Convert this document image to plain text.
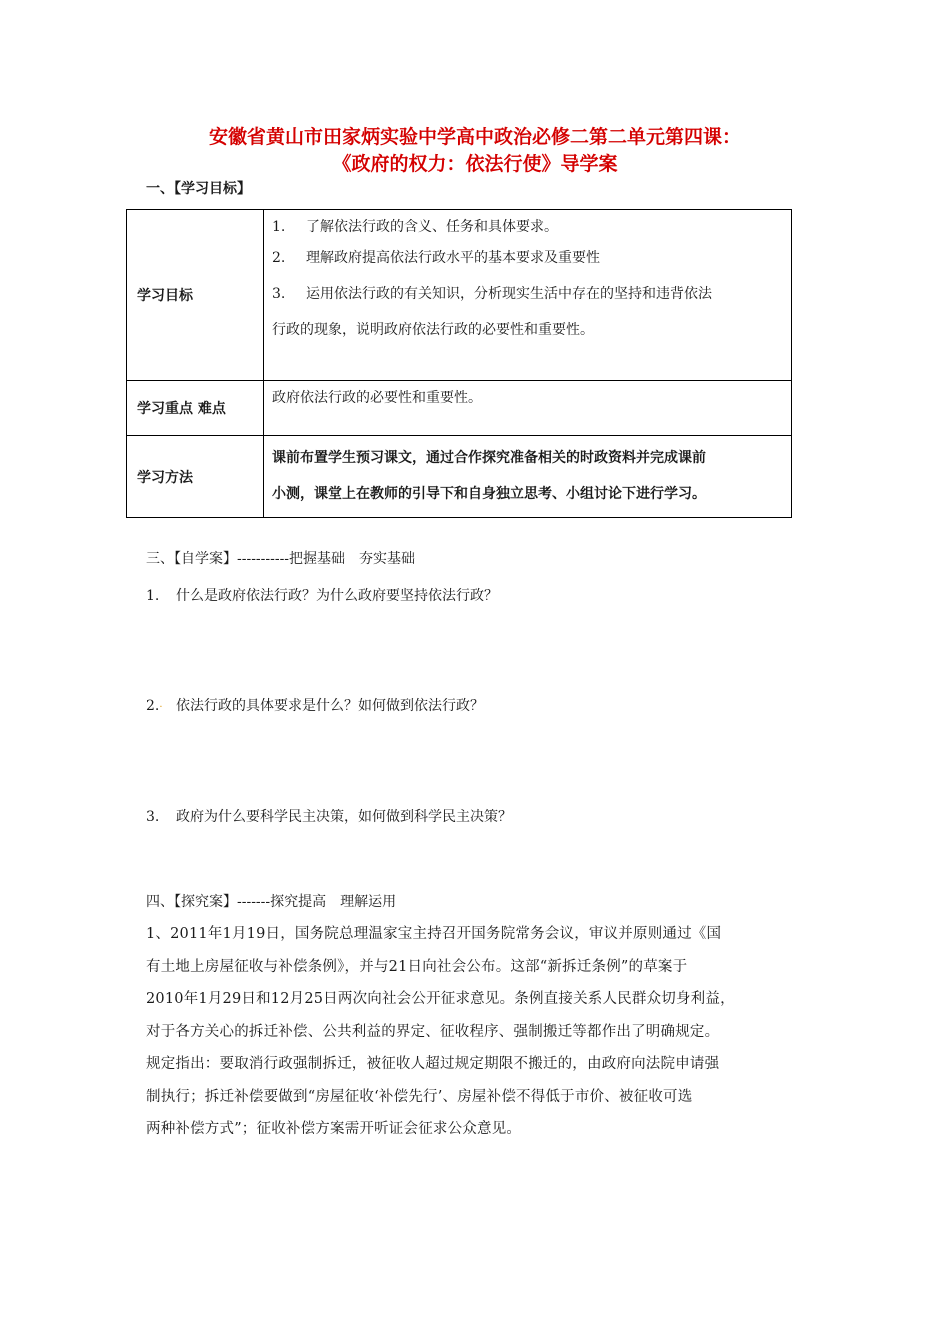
安徽省黄山市田家炳实验中学高中政治必修二第二单元第四课：
《政府的权力：依法行使》导学案
一、【学习目标】
学习目标	1. 了解依法行政的含义、任务和具体要求。
2. 理解政府提高依法行政水平的基本要求及重要性
3. 运用依法行政的有关知识，分析现实生活中存在的坚持和违背依法
行政的现象，说明政府依法行政的必要性和重要性。

学习重点 难点	政府依法行政的必要性和重要性。
学习方法	课前布置学生预习课文，通过合作探究准备相关的时政资料并完成课前
小测，课堂上在教师的引导下和自身独立思考、小组讨论下进行学习。
三、【自学案】-----------把握基础　夯实基础
1. 什么是政府依法行政？为什么政府要坚持依法行政？
2.· 依法行政的具体要求是什么？如何做到依法行政？
3. 政府为什么要科学民主决策，如何做到科学民主决策？
四、【探究案】-------探究提高　理解运用
1、2011年1月19日，国务院总理温家宝主持召开国务院常务会议，审议并原则通过《国
有土地上房屋征收与补偿条例》，并与21日向社会公布。这部“新拆迁条例”的草案于
2010年1月29日和12月25日两次向社会公开征求意见。条例直接关系人民群众切身利益，
对于各方关心的拆迁补偿、公共利益的界定、征收程序、强制搬迁等都作出了明确规定。
规定指出：要取消行政强制拆迁，被征收人超过规定期限不搬迁的，由政府向法院申请强
制执行；拆迁补偿要做到“房屋征收‘补偿先行’、房屋补偿不得低于市价、被征收可选
两种补偿方式”；征收补偿方案需开听证会征求公众意见。
